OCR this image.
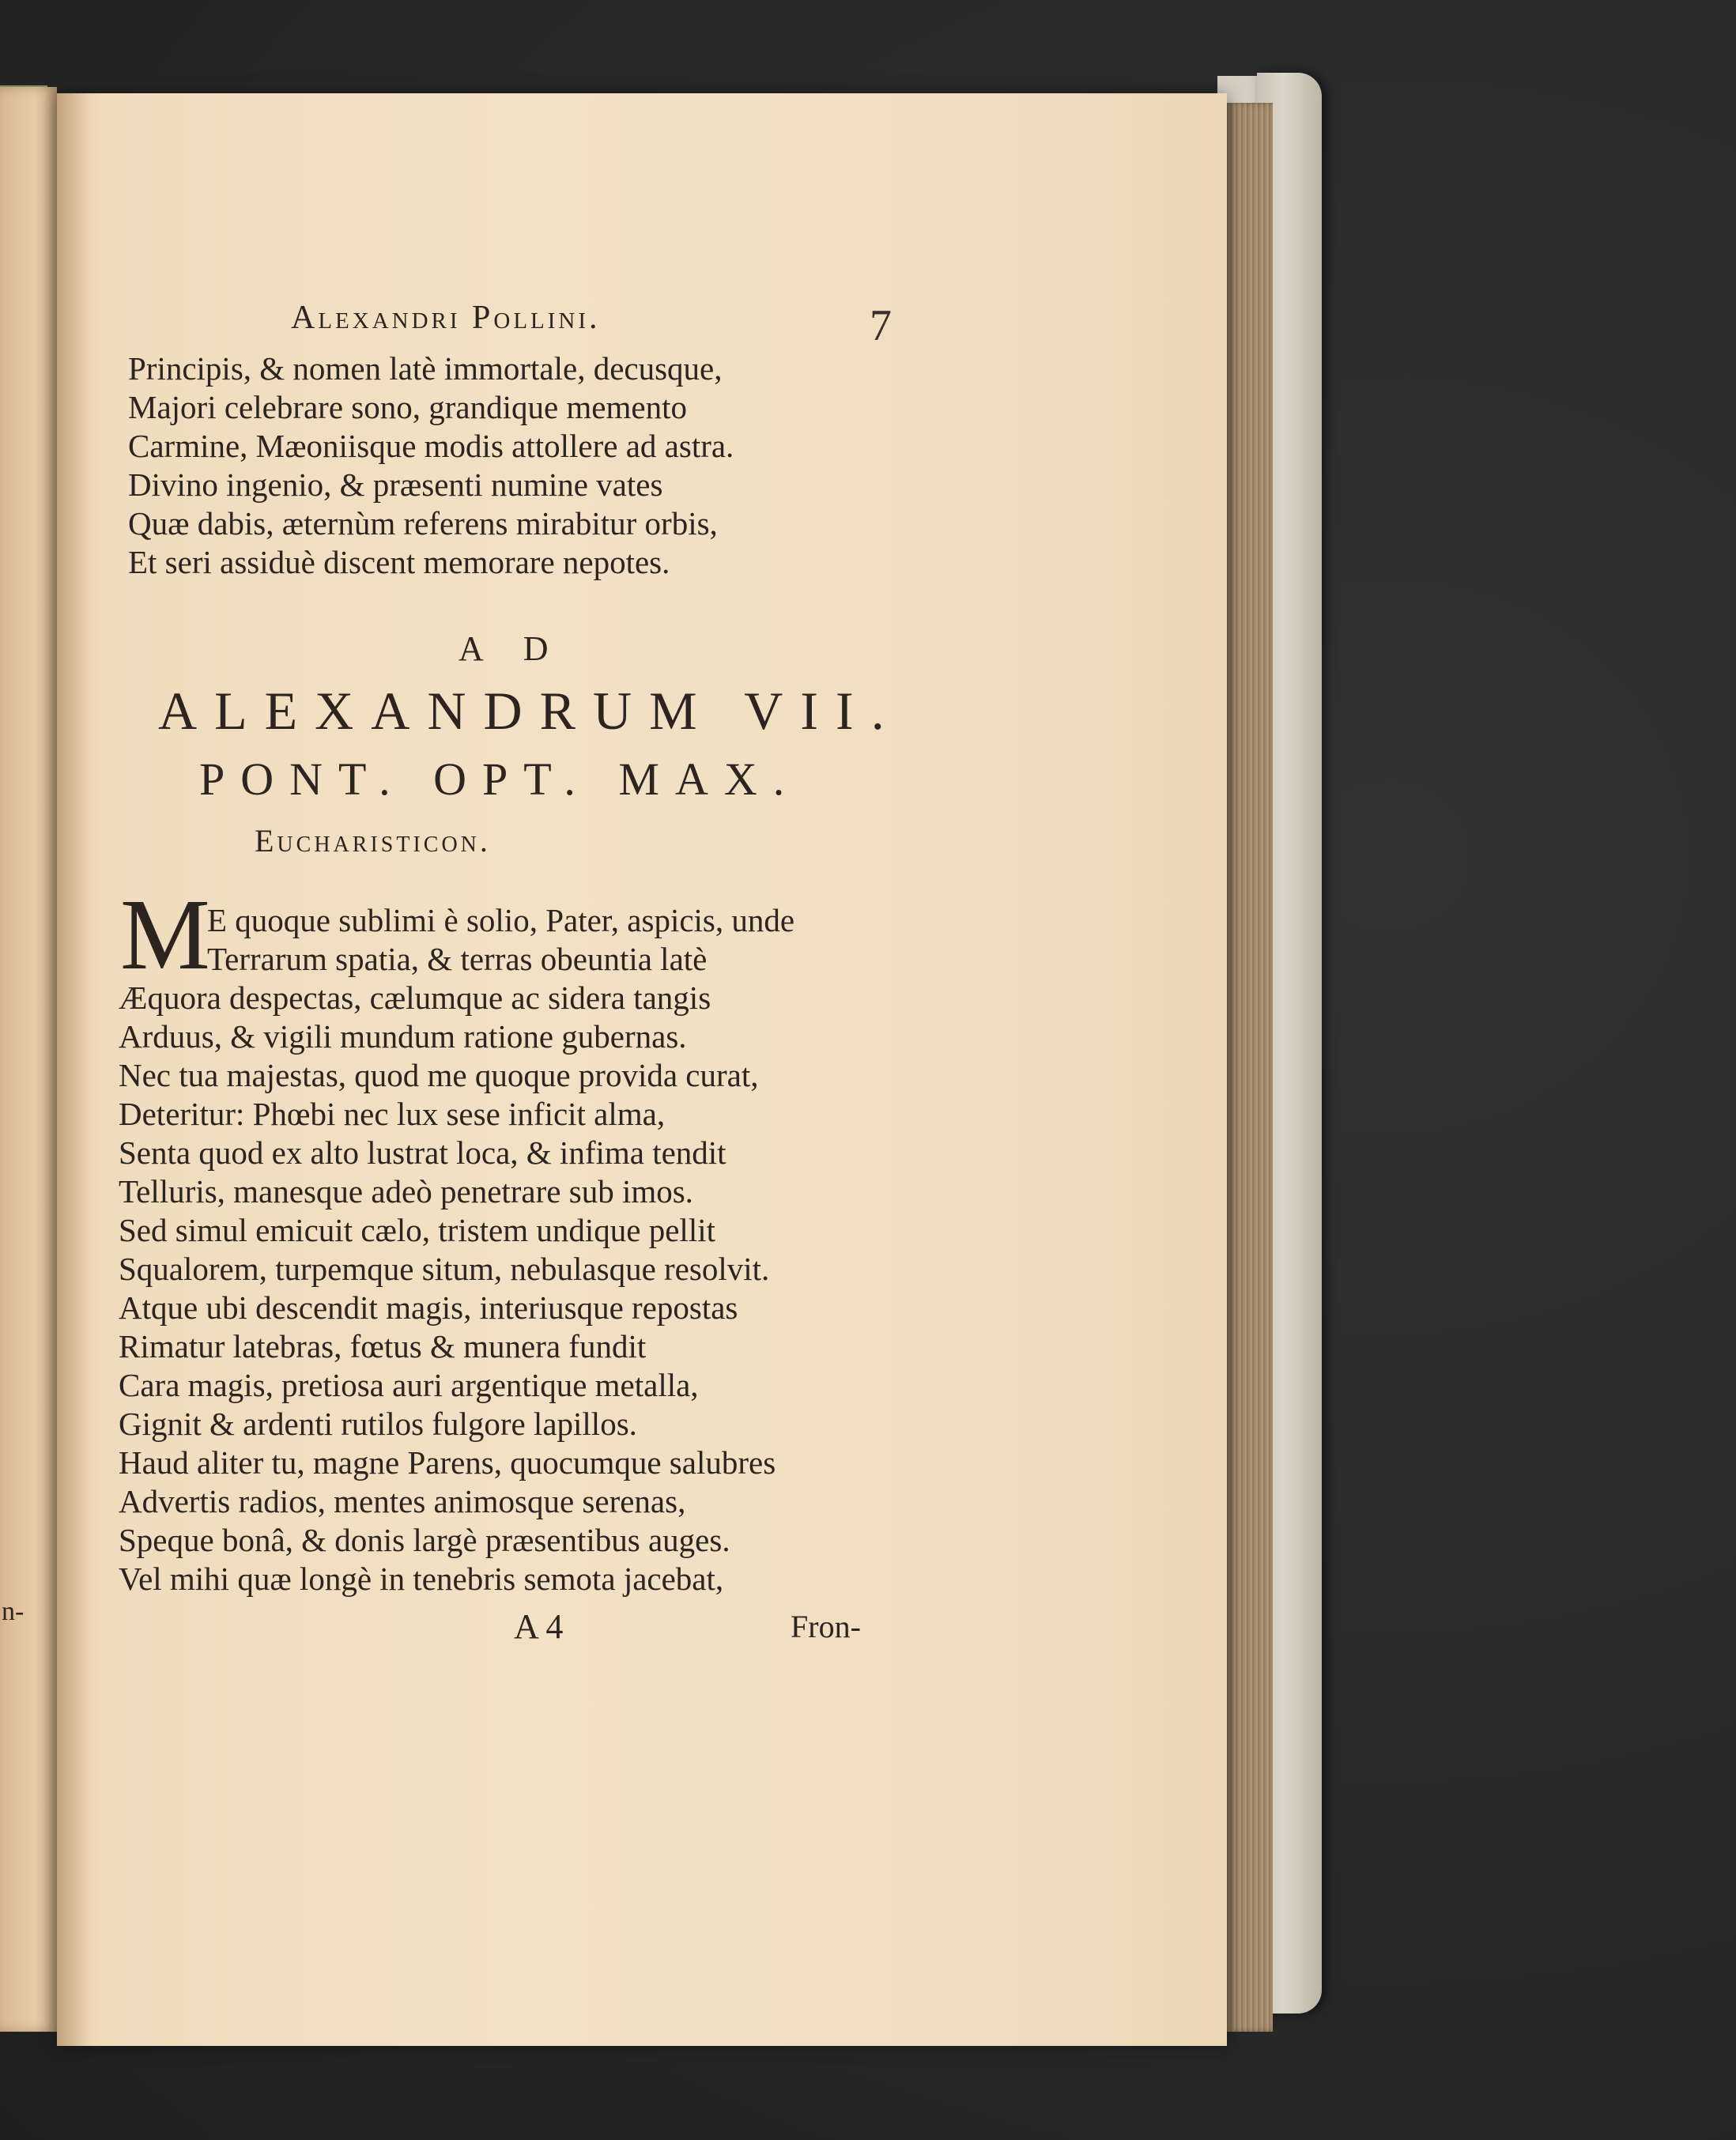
n-
Alexandri Pollini.	7
Principis, & nomen latè immortale, decusque,
Majori celebrare sono, grandique memento
Carmine, Mæoniisque modis attollere ad astra.
Divino ingenio, & præsenti numine vates
Quæ dabis, æternùm referens mirabitur orbis,
Et seri assiduè discent memorare nepotes.
AD
ALEXANDRUM VII.
PONT. OPT. MAX.
Eucharisticon.
M
E quoque sublimi è solio, Pater, aspicis, unde
Terrarum spatia, & terras obeuntia latè
Æquora despectas, cælumque ac sidera tangis
Arduus, & vigili mundum ratione gubernas.
Nec tua majestas, quod me quoque provida curat,
Deteritur: Phœbi nec lux sese inficit alma,
Senta quod ex alto lustrat loca, & infima tendit
Telluris, manesque adeò penetrare sub imos.
Sed simul emicuit cælo, tristem undique pellit
Squalorem, turpemque situm, nebulasque resolvit.
Atque ubi descendit magis, interiusque repostas
Rimatur latebras, fœtus & munera fundit
Cara magis, pretiosa auri argentique metalla,
Gignit & ardenti rutilos fulgore lapillos.
Haud aliter tu, magne Parens, quocumque salubres
Advertis radios, mentes animosque serenas,
Speque bonâ, & donis largè præsentibus auges.
Vel mihi quæ longè in tenebris semota jacebat,
A 4	Fron-
